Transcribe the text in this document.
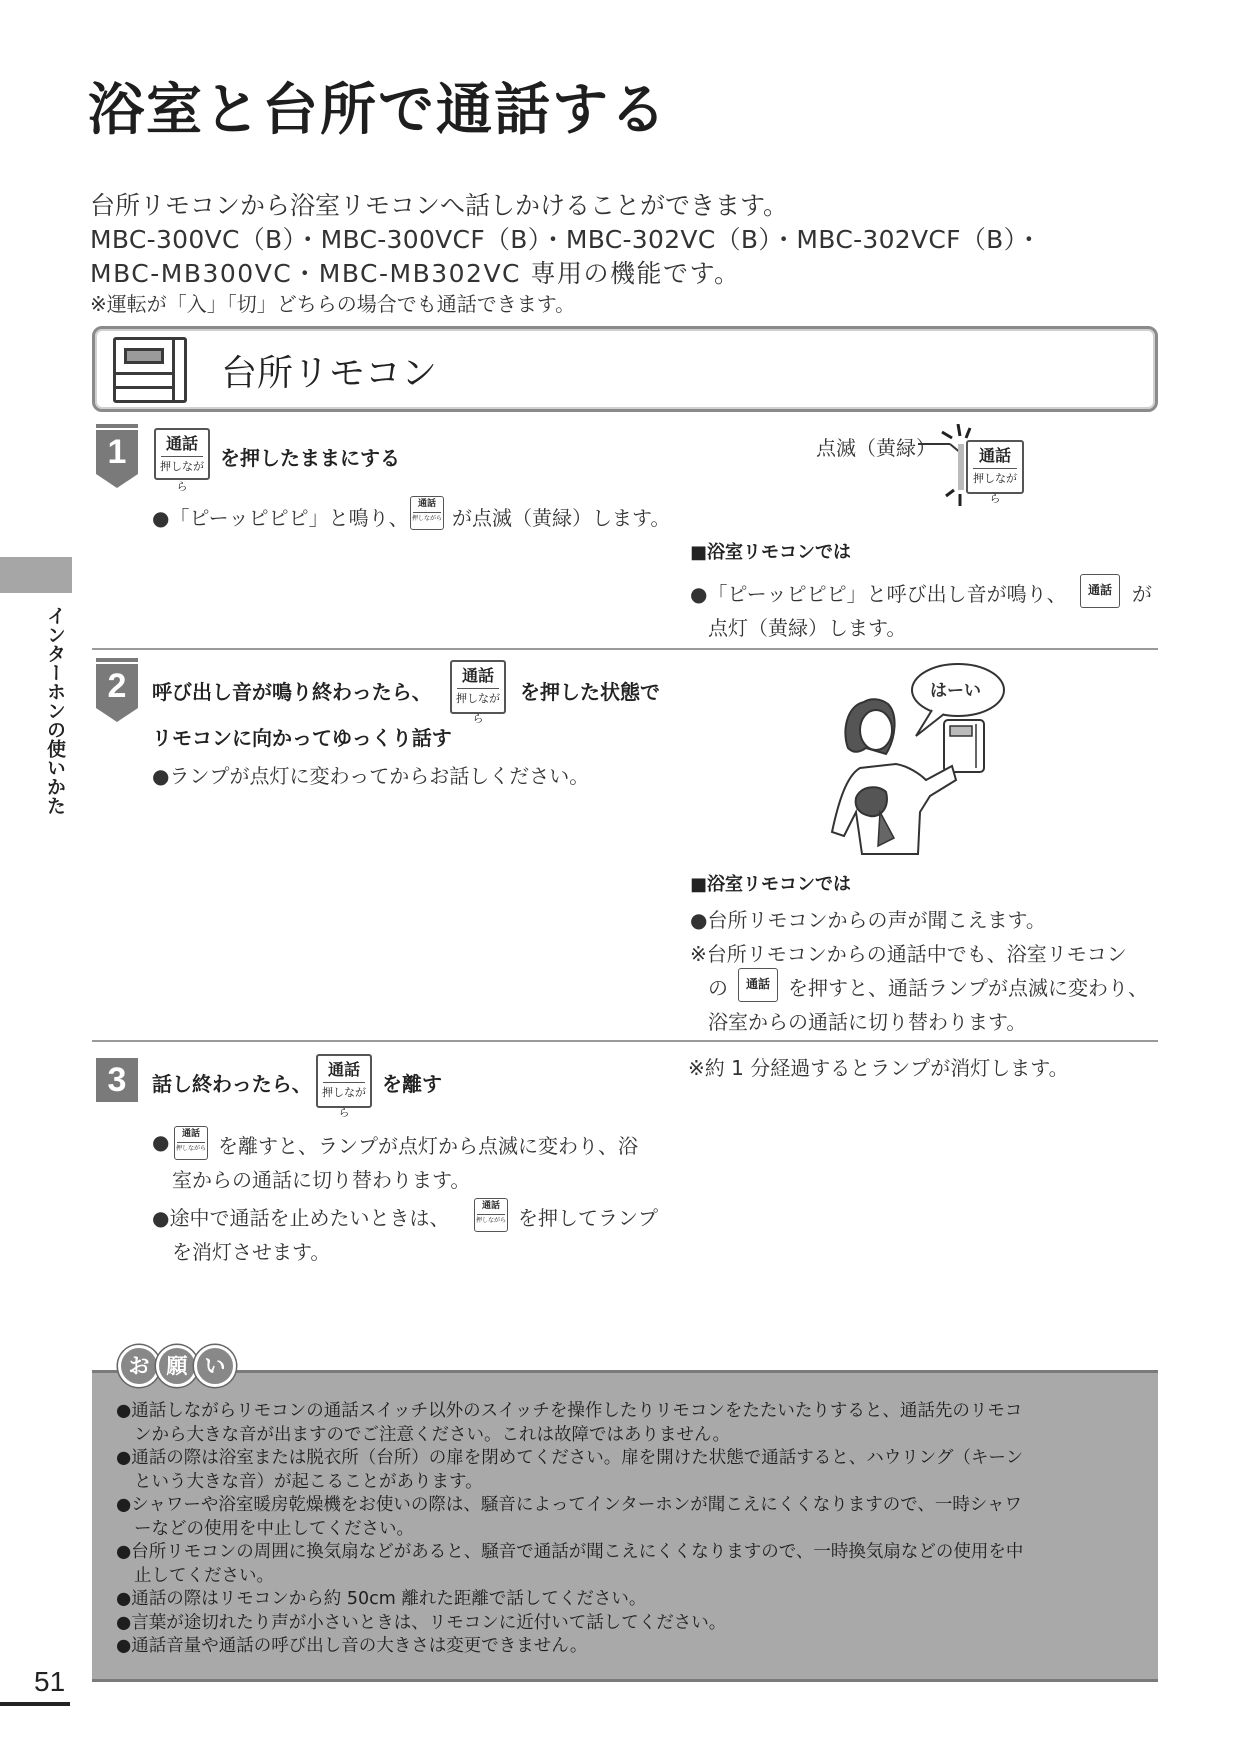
浴室と台所で通話する
台所リモコンから浴室リモコンへ話しかけることができます。
MBC-300VC（B）・MBC-300VCF（B）・MBC-302VC（B）・MBC-302VCF（B）・
MBC-MB300VC・MBC-MB302VC 専用の機能です。
※運転が「入」「切」どちらの場合でも通話できます。
台所リモコン
インターホンの使いかた
1	通話
押しながら
を押したままにする
●「ピーッピピピ」と鳴り、
通話
押しながら が点滅（黄緑）します。
点滅（黄緑）	通話
押しながら
■浴室リモコンでは
●「ピーッピピピ」と呼び出し音が鳴り、 通話 が
点灯（黄緑）します。
2	呼び出し音が鳴り終わったら、
通話
押しながら
を押した状態で
リモコンに向かってゆっくり話す
●ランプが点灯に変わってからお話しください。
はーい
■浴室リモコンでは
●台所リモコンからの声が聞こえます。
※台所リモコンからの通話中でも、浴室リモコン
の 通話 を押すと、通話ランプが点滅に変わり、
浴室からの通話に切り替わります。
3	話し終わったら、
通話
押しながら
を離す
※約 1 分経過するとランプが消灯します。
●	通話
押しながら を離すと、ランプが点灯から点滅に変わり、浴
室からの通話に切り替わります。
●途中で通話を止めたいときは、	通話
押しながら を押してランプ
を消灯させます。
お 願 い
●通話しながらリモコンの通話スイッチ以外のスイッチを操作したりリモコンをたたいたりすると、通話先のリモコ
ンから大きな音が出ますのでご注意ください。これは故障ではありません。
●通話の際は浴室または脱衣所（台所）の扉を閉めてください。扉を開けた状態で通話すると、ハウリング（キーン
という大きな音）が起こることがあります。
●シャワーや浴室暖房乾燥機をお使いの際は、騒音によってインターホンが聞こえにくくなりますので、一時シャワ
ーなどの使用を中止してください。
●台所リモコンの周囲に換気扇などがあると、騒音で通話が聞こえにくくなりますので、一時換気扇などの使用を中
止してください。
●通話の際はリモコンから約 50cm 離れた距離で話してください。
●言葉が途切れたり声が小さいときは、リモコンに近付いて話してください。
●通話音量や通話の呼び出し音の大きさは変更できません。
51
